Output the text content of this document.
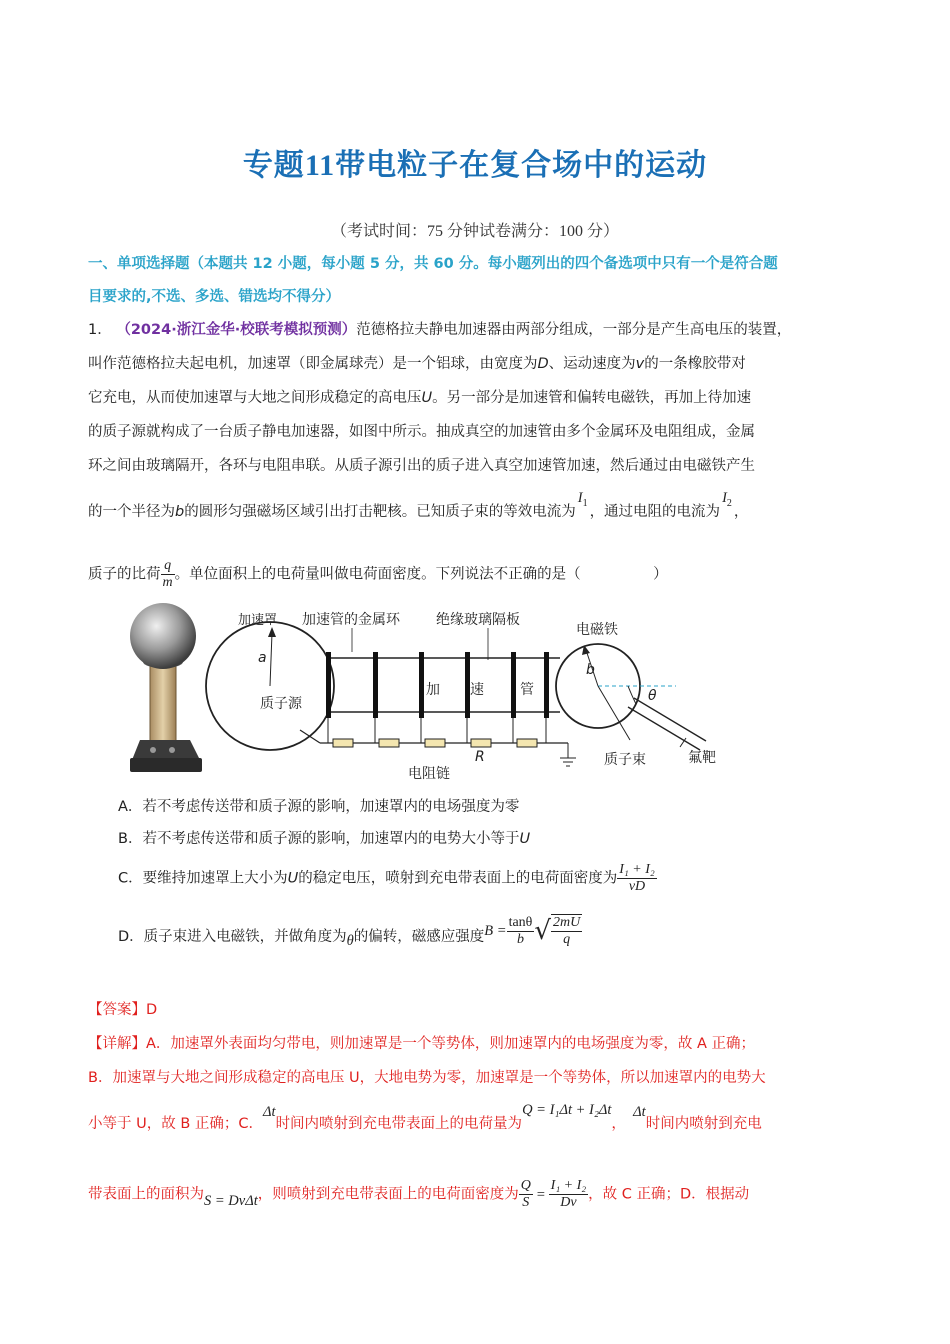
专题11带电粒子在复合场中的运动
（考试时间：75 分钟试卷满分：100 分）
一、单项选择题（本题共 12 小题，每小题 5 分，共 60 分。每小题列出的四个备选项中只有一个是符合题
目要求的,不选、多选、错选均不得分）
1． （2024·浙江金华·校联考模拟预测）范德格拉夫静电加速器由两部分组成，一部分是产生高电压的装置，
叫作范德格拉夫起电机，加速罩（即金属球壳）是一个铝球，由宽度为D、运动速度为v的一条橡胶带对
它充电，从而使加速罩与大地之间形成稳定的高电压U。另一部分是加速管和偏转电磁铁，再加上待加速
的质子源就构成了一台质子静电加速器，如图中所示。抽成真空的加速管由多个金属环及电阻组成，金属
环之间由玻璃隔开，各环与电阻串联。从质子源引出的质子进入真空加速管加速，然后通过由电磁铁产生
的一个半径为b的圆形匀强磁场区域引出打击靶核。已知质子束的等效电流为$I_1$，通过电阻的电流为$I_2$，
质子的比荷 $\frac{q}{m}$ 。单位面积上的电荷量叫做电荷面密度。下列说法不正确的是（　　　　　）
加速罩 加速管的金属环	绝缘玻璃隔板
电磁铁
a
质子源
加 速	管
b
θ
R
电阻链
质子束	氟靶
A．若不考虑传送带和质子源的影响，加速罩内的电场强度为零
B．若不考虑传送带和质子源的影响，加速罩内的电势大小等于U
C．要维持加速罩上大小为U的稳定电压，喷射到充电带表面上的电荷面密度为 $\frac{\text{I₁ + I₂}}{vD}$
D．质子束进入电磁铁，并做角度为θ的偏转，磁感应强度$B = \frac{\tan\theta}{b}$ √ $\frac{2mU}{q}$
【答案】D
【详解】A．加速罩外表面均匀带电，则加速罩是一个等势体，则加速罩内的电场强度为零，故 A 正确；
B．加速罩与大地之间形成稳定的高电压 U，大地电势为零，加速罩是一个等势体，所以加速罩内的电势大
小等于 U，故 B 正确；C．Δt时间内喷射到充电带表面上的电荷量为Q = I₁Δt + I₂Δt，　Δt时间内喷射到充电
带表面上的面积为S = DvΔt，则喷射到充电带表面上的电荷面密度为 $\frac{Q}{S} = \frac{\text{I₁ + I₂}}{Dv}$ ，故 C 正确；D．根据动
